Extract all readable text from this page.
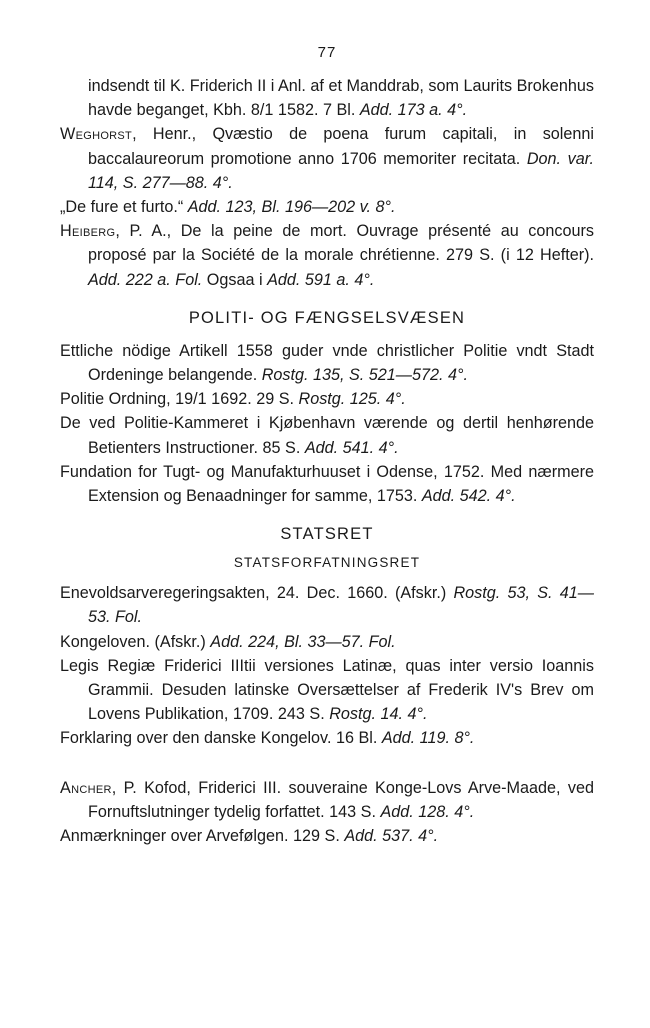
77

indsendt til K. Friderich II i Anl. af et Manddrab, som Laurits Brokenhus havde beganget, Kbh. 8/1 1582. 7 Bl. Add. 173 a. 4°.

Weghorst, Henr., Qvæstio de poena furum capitali, in solenni baccalaureorum promotione anno 1706 memoriter recitata. Don. var. 114, S. 277—88. 4°.

„De fure et furto.“ Add. 123, Bl. 196—202 v. 8°.

Heiberg, P. A., De la peine de mort. Ouvrage présenté au concours proposé par la Société de la morale chrétienne. 279 S. (i 12 Hefter). Add. 222 a. Fol. Ogsaa i Add. 591 a. 4°.

POLITI- OG FÆNGSELSVÆSEN

Ettliche nödige Artikell 1558 guder vnde christlicher Politie vndt Stadt Ordeninge belangende. Rostg. 135, S. 521—572. 4°.

Politie Ordning, 19/1 1692. 29 S. Rostg. 125. 4°.

De ved Politie-Kammeret i Kjøbenhavn værende og dertil henhørende Betienters Instructioner. 85 S. Add. 541. 4°.

Fundation for Tugt- og Manufakturhuuset i Odense, 1752. Med nærmere Extension og Benaadninger for samme, 1753. Add. 542. 4°.

STATSRET
STATSFORFATNINGSRET

Enevoldsarveregeringsakten, 24. Dec. 1660. (Afskr.) Rostg. 53, S. 41—53. Fol.

Kongeloven. (Afskr.) Add. 224, Bl. 33—57. Fol.

Legis Regiæ Friderici IIItii versiones Latinæ, quas inter versio Ioannis Grammii. Desuden latinske Oversættelser af Frederik IV's Brev om Lovens Publikation, 1709. 243 S. Rostg. 14. 4°.

Forklaring over den danske Kongelov. 16 Bl. Add. 119. 8°.

Ancher, P. Kofod, Friderici III. souveraine Konge-Lovs Arve-Maade, ved Fornuftslutninger tydelig forfattet. 143 S. Add. 128. 4°.

Anmærkninger over Arvefølgen. 129 S. Add. 537. 4°.
